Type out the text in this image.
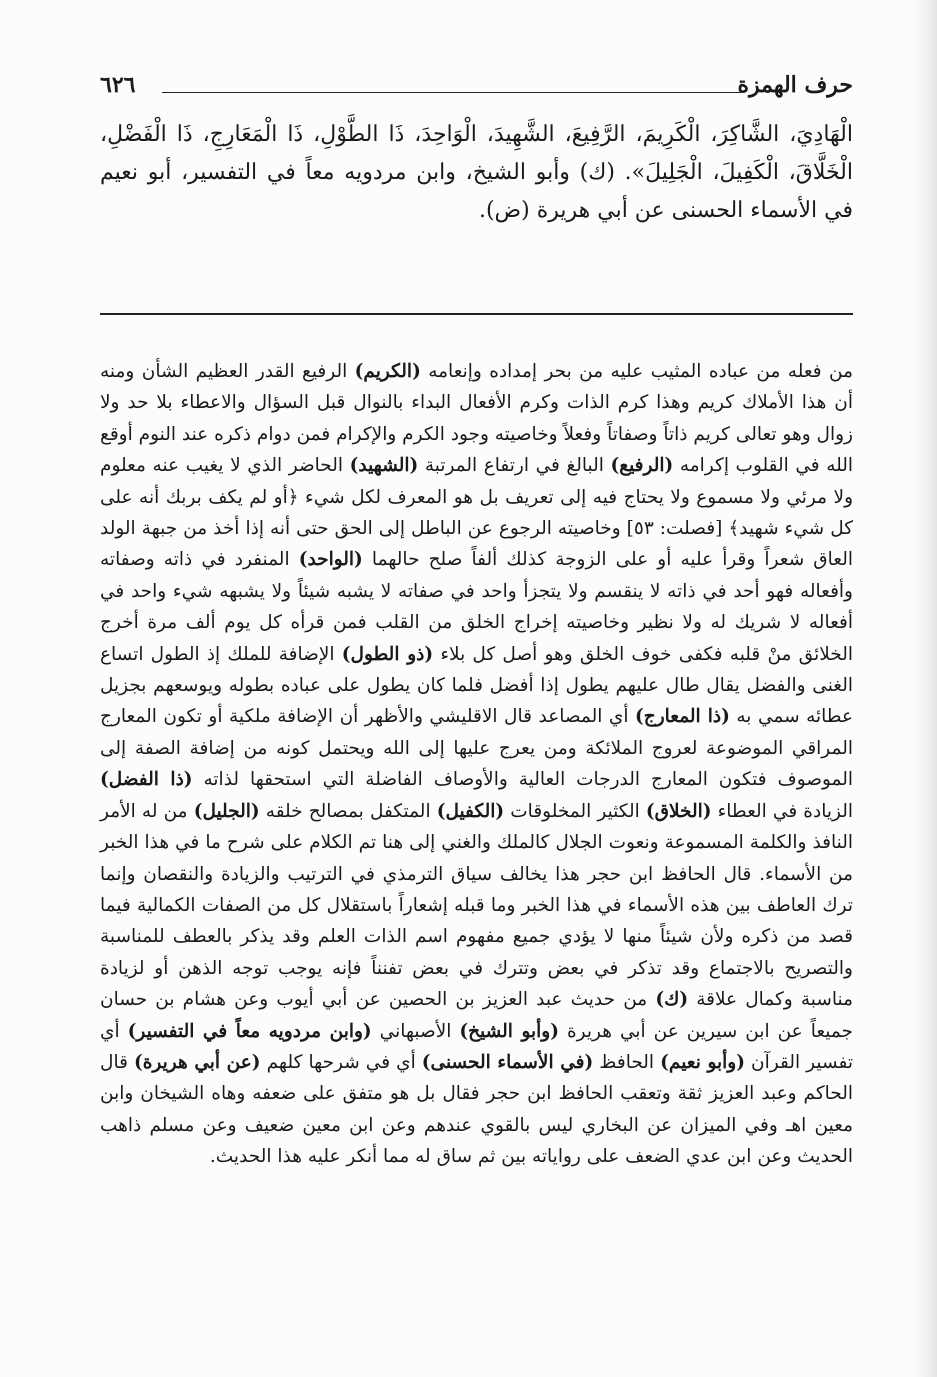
حرف الهمزة
٦٢٦

الْهَادِيَ، الشَّاكِرَ، الْكَرِيمَ، الرَّفِيعَ، الشَّهِيدَ، الْوَاحِدَ، ذَا الطَّوْلِ، ذَا الْمَعَارِجِ، ذَا الْفَضْلِ، الْخَلَّاقَ، الْكَفِيلَ، الْجَلِيلَ». (ك) وأبو الشيخ، وابن مردويه معاً في التفسير، أبو نعيم في الأسماء الحسنى عن أبي هريرة (ض).

من فعله من عباده المثيب عليه من بحر إمداده وإنعامه (الكريم) الرفيع القدر العظيم الشأن ومنه أن هذا الأملاك كريم وهذا كرم الذات وكرم الأفعال البداء بالنوال قبل السؤال والاعطاء بلا حد ولا زوال وهو تعالى كريم ذاتاً وصفاتاً وفعلاً وخاصيته وجود الكرم والإكرام فمن دوام ذكره عند النوم أوقع الله في القلوب إكرامه (الرفيع) البالغ في ارتفاع المرتبة (الشهيد) الحاضر الذي لا يغيب عنه معلوم ولا مرئي ولا مسموع ولا يحتاج فيه إلى تعريف بل هو المعرف لكل شيء ﴿أو لم يكف بربك أنه على كل شيء شهيد﴾ [فصلت: ٥٣] وخاصيته الرجوع عن الباطل إلى الحق حتى أنه إذا أخذ من جبهة الولد العاق شعراً وقرأ عليه أو على الزوجة كذلك ألفاً صلح حالهما (الواحد) المنفرد في ذاته وصفاته وأفعاله فهو أحد في ذاته لا ينقسم ولا يتجزأ واحد في صفاته لا يشبه شيئاً ولا يشبهه شيء واحد في أفعاله لا شريك له ولا نظير وخاصيته إخراج الخلق من القلب فمن قرأه كل يوم ألف مرة أخرج الخلائق منْ قلبه فكفى خوف الخلق وهو أصل كل بلاء (ذو الطول) الإضافة للملك إذ الطول اتساع الغنى والفضل يقال طال عليهم يطول إذا أفضل فلما كان يطول على عباده بطوله ويوسعهم بجزيل عطائه سمي به (ذا المعارج) أي المصاعد قال الاقليشي والأظهر أن الإضافة ملكية أو تكون المعارج المراقي الموضوعة لعروج الملائكة ومن يعرج عليها إلى الله ويحتمل كونه من إضافة الصفة إلى الموصوف فتكون المعارج الدرجات العالية والأوصاف الفاضلة التي استحقها لذاته (ذا الفضل) الزيادة في العطاء (الخلاق) الكثير المخلوقات (الكفيل) المتكفل بمصالح خلقه (الجليل) من له الأمر النافذ والكلمة المسموعة ونعوت الجلال كالملك والغني إلى هنا تم الكلام على شرح ما في هذا الخبر من الأسماء. قال الحافظ ابن حجر هذا يخالف سياق الترمذي في الترتيب والزيادة والنقصان وإنما ترك العاطف بين هذه الأسماء في هذا الخبر وما قبله إشعاراً باستقلال كل من الصفات الكمالية فيما قصد من ذكره ولأن شيئاً منها لا يؤدي جميع مفهوم اسم الذات العلم وقد يذكر بالعطف للمناسبة والتصريح بالاجتماع وقد تذكر في بعض وتترك في بعض تفنناً فإنه يوجب توجه الذهن أو لزيادة مناسبة وكمال علاقة (ك) من حديث عبد العزيز بن الحصين عن أبي أيوب وعن هشام بن حسان جميعاً عن ابن سيرين عن أبي هريرة (وأبو الشيخ) الأصبهاني (وابن مردويه معاً في التفسير) أي تفسير القرآن (وأبو نعيم) الحافظ (في الأسماء الحسنى) أي في شرحها كلهم (عن أبي هريرة) قال الحاكم وعبد العزيز ثقة وتعقب الحافظ ابن حجر فقال بل هو متفق على ضعفه وهاه الشيخان وابن معين اهـ وفي الميزان عن البخاري ليس بالقوي عندهم وعن ابن معين ضعيف وعن مسلم ذاهب الحديث وعن ابن عدي الضعف على رواياته بين ثم ساق له مما أنكر عليه هذا الحديث.
